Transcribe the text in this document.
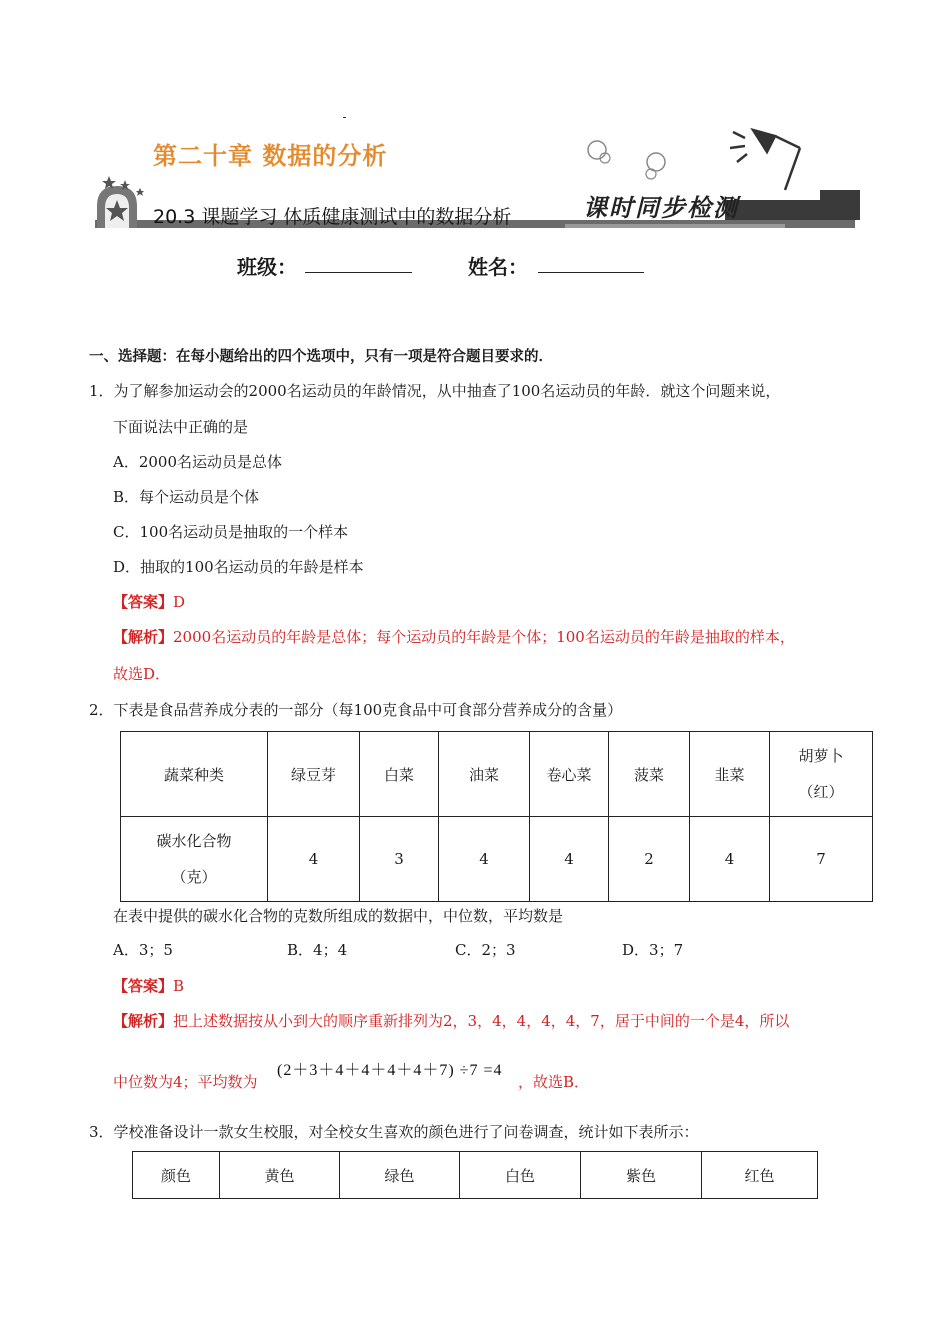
第二十章 数据的分析
20.3 课题学习 体质健康测试中的数据分析	课时同步检测
班级：	姓名：
一、选择题：在每小题给出的四个选项中，只有一项是符合题目要求的．
1．为了解参加运动会的2000名运动员的年龄情况，从中抽查了100名运动员的年龄．就这个问题来说，
下面说法中正确的是
A．2000名运动员是总体
B．每个运动员是个体
C．100名运动员是抽取的一个样本
D．抽取的100名运动员的年龄是样本
【答案】D
【解析】2000名运动员的年龄是总体；每个运动员的年龄是个体；100名运动员的年龄是抽取的样本，
故选D．
2．下表是食品营养成分表的一部分（每100克食品中可食部分营养成分的含量）
蔬菜种类	绿豆芽	白菜	油菜	卷心菜	菠菜	韭菜	胡萝卜
（红）

碳水化合物
（克）	4	3	4	4	2	4	7
在表中提供的碳水化合物的克数所组成的数据中，中位数，平均数是
A．3；5	B．4；4	C．2；3	D．3；7
【答案】B
【解析】把上述数据按从小到大的顺序重新排列为2，3，4，4，4，4，7，居于中间的一个是4，所以
中位数为4；平均数为
(2＋3＋4＋4＋4＋4＋7) ÷7 =4
，故选B．
3．学校准备设计一款女生校服，对全校女生喜欢的颜色进行了问卷调查，统计如下表所示：
颜色	黄色	绿色	白色	紫色	红色
